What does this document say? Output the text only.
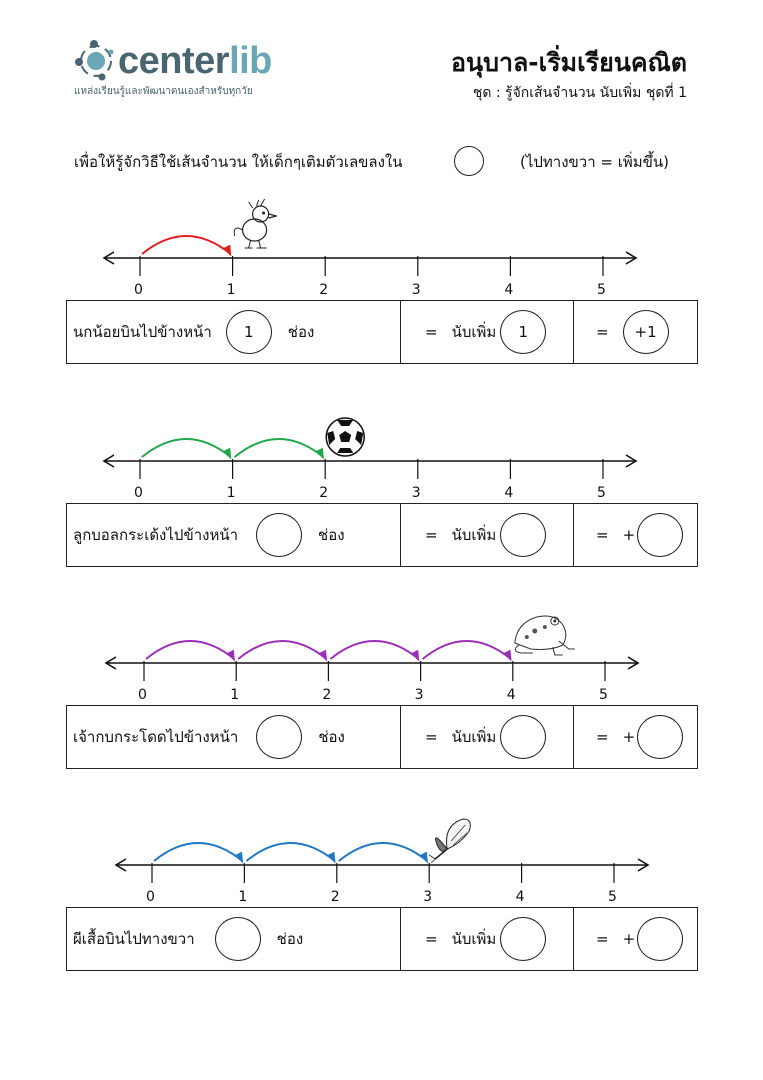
centerlib
แหล่งเรียนรู้และพัฒนาตนเองสำหรับทุกวัย
อนุบาล-เริ่มเรียนคณิต
ชุด : รู้จักเส้นจำนวน นับเพิ่ม ชุดที่ 1
เพื่อให้รู้จักวิธีใช้เส้นจำนวน ให้เด็กๆเติมตัวเลขลงใน	(ไปทางขวา = เพิ่มขึ้น)
0	1	2	3	4	5
นกน้อยบินไปข้างหน้า	1	ช่อง	= นับเพิ่ม	1	=	+1
0	1	2	3	4	5
ลูกบอลกระเด้งไปข้างหน้า	ช่อง	= นับเพิ่ม	= +
0	1	2	3	4	5
เจ้ากบกระโดดไปข้างหน้า	ช่อง	= นับเพิ่ม	= +
0	1	2	3	4	5
ผีเสื้อบินไปทางขวา	ช่อง	= นับเพิ่ม	= +
